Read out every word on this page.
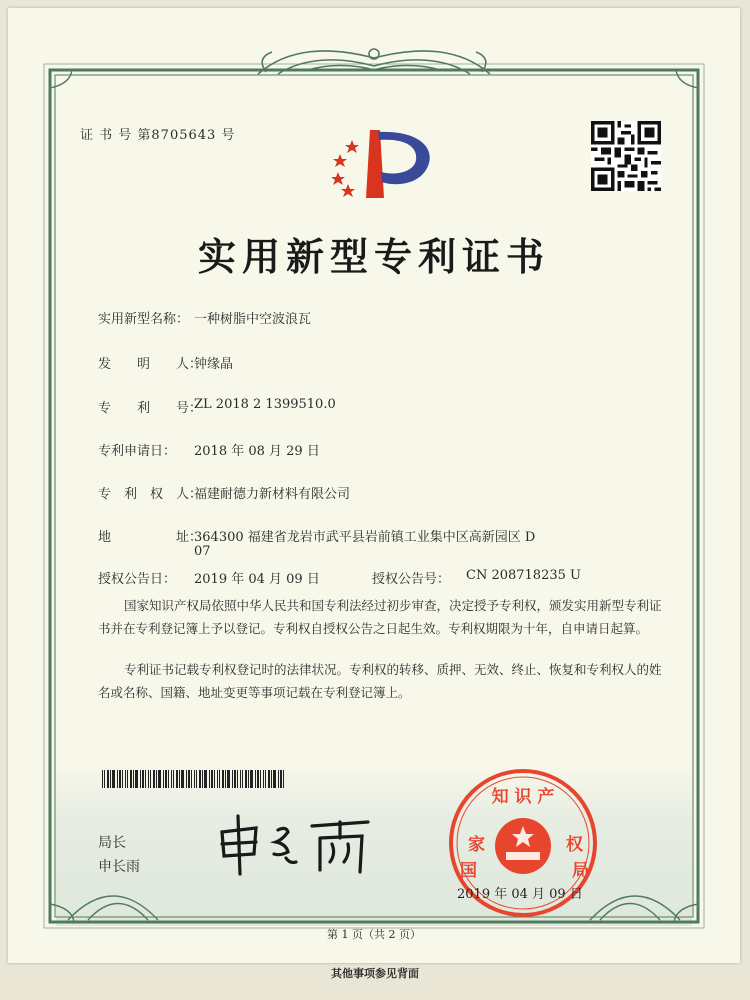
证 书 号 第8705643 号
实用新型专利证书
实用新型名称： 一种树脂中空波浪瓦
发　　明　　人：
钟缘晶
专　　利　　号：
ZL 2018 2 1399510.0
专利申请日： 2018 年 08 月 29 日
专　利　权　人：
福建耐德力新材料有限公司
地　　　　　址：
364300 福建省龙岩市武平县岩前镇工业集中区高新园区 D
07
授权公告日： 2019 年 04 月 09 日	授权公告号： CN 208718235 U
国家知识产权局依照中华人民共和国专利法经过初步审查，决定授予专利权，颁发实用新型专利证书并在专利登记簿上予以登记。专利权自授权公告之日起生效。专利权期限为十年，自申请日起算。
专利证书记载专利权登记时的法律状况。专利权的转移、质押、无效、终止、恢复和专利权人的姓名或名称、国籍、地址变更等事项记载在专利登记簿上。
局长
申长雨
知 识 产
家	权
国	局
2019 年 04 月 09 日
第 1 页（共 2 页）
其他事项参见背面
